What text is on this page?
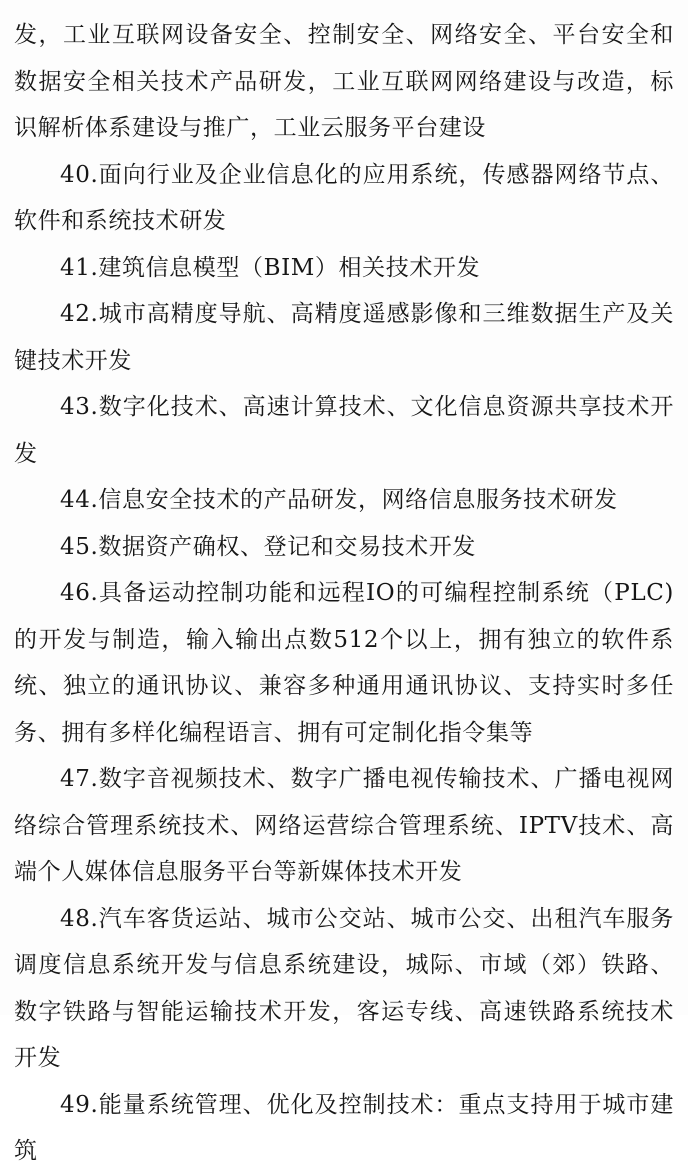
发，工业互联网设备安全、控制安全、网络安全、平台安全和数据安全相关技术产品研发，工业互联网网络建设与改造，标识解析体系建设与推广，工业云服务平台建设

40.面向行业及企业信息化的应用系统，传感器网络节点、软件和系统技术研发

41.建筑信息模型（BIM）相关技术开发

42.城市高精度导航、高精度遥感影像和三维数据生产及关键技术开发

43.数字化技术、高速计算技术、文化信息资源共享技术开发

44.信息安全技术的产品研发，网络信息服务技术研发

45.数据资产确权、登记和交易技术开发

46.具备运动控制功能和远程IO的可编程控制系统（PLC)的开发与制造，输入输出点数512个以上，拥有独立的软件系统、独立的通讯协议、兼容多种通用通讯协议、支持实时多任务、拥有多样化编程语言、拥有可定制化指令集等

47.数字音视频技术、数字广播电视传输技术、广播电视网络综合管理系统技术、网络运营综合管理系统、IPTV技术、高端个人媒体信息服务平台等新媒体技术开发

48.汽车客货运站、城市公交站、城市公交、出租汽车服务调度信息系统开发与信息系统建设，城际、市域（郊）铁路、数字铁路与智能运输技术开发，客运专线、高速铁路系统技术开发

49.能量系统管理、优化及控制技术：重点支持用于城市建筑
